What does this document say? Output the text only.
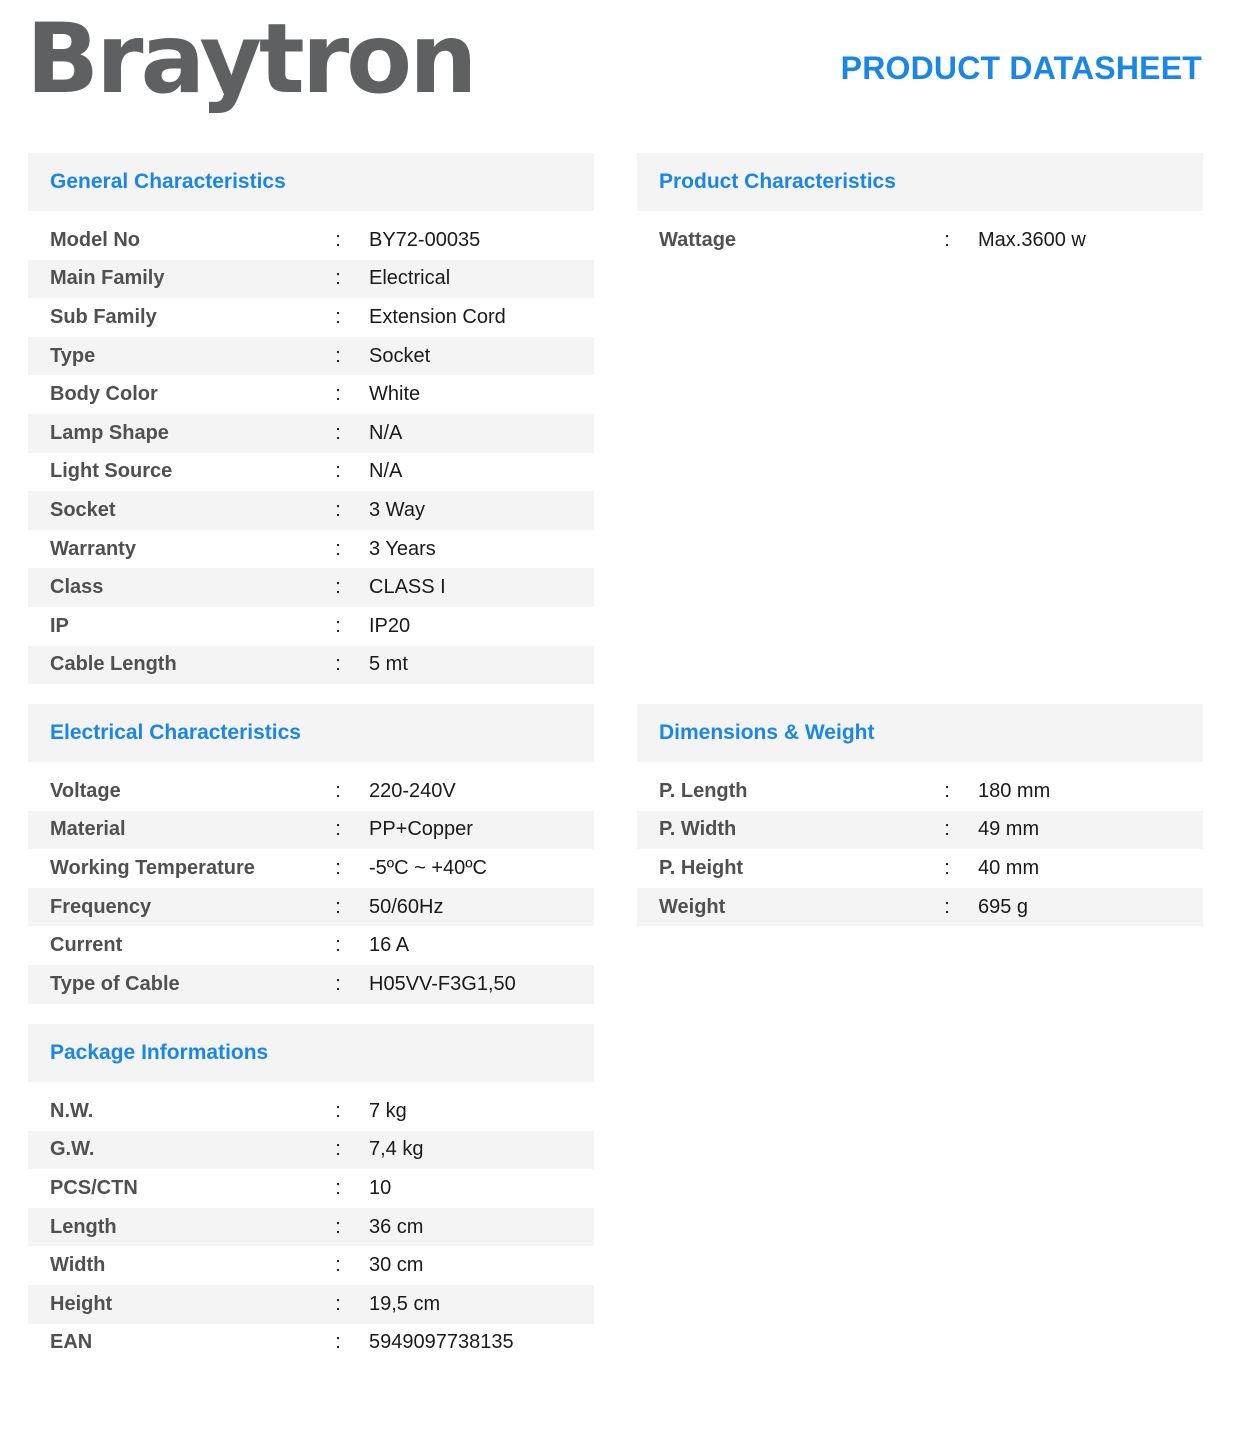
Braytron	PRODUCT DATASHEET
General Characteristics
Model No	:	BY72-00035
Main Family	:	Electrical
Sub Family	:	Extension Cord
Type	:	Socket
Body Color	:	White
Lamp Shape	:	N/A
Light Source	:	N/A
Socket	:	3 Way
Warranty	:	3 Years
Class	:	CLASS I
IP	:	IP20
Cable Length	:	5 mt
Product Characteristics
Wattage	:	Max.3600 w
Electrical Characteristics
Voltage	:	220-240V
Material	:	PP+Copper
Working Temperature	:	-5ºC ~ +40ºC
Frequency	:	50/60Hz
Current	:	16 A
Type of Cable	:	H05VV-F3G1,50
Dimensions & Weight
P. Length	:	180 mm
P. Width	:	49 mm
P. Height	:	40 mm
Weight	:	695 g
Package Informations
N.W.	:	7 kg
G.W.	:	7,4 kg
PCS/CTN	:	10
Length	:	36 cm
Width	:	30 cm
Height	:	19,5 cm
EAN	:	5949097738135
